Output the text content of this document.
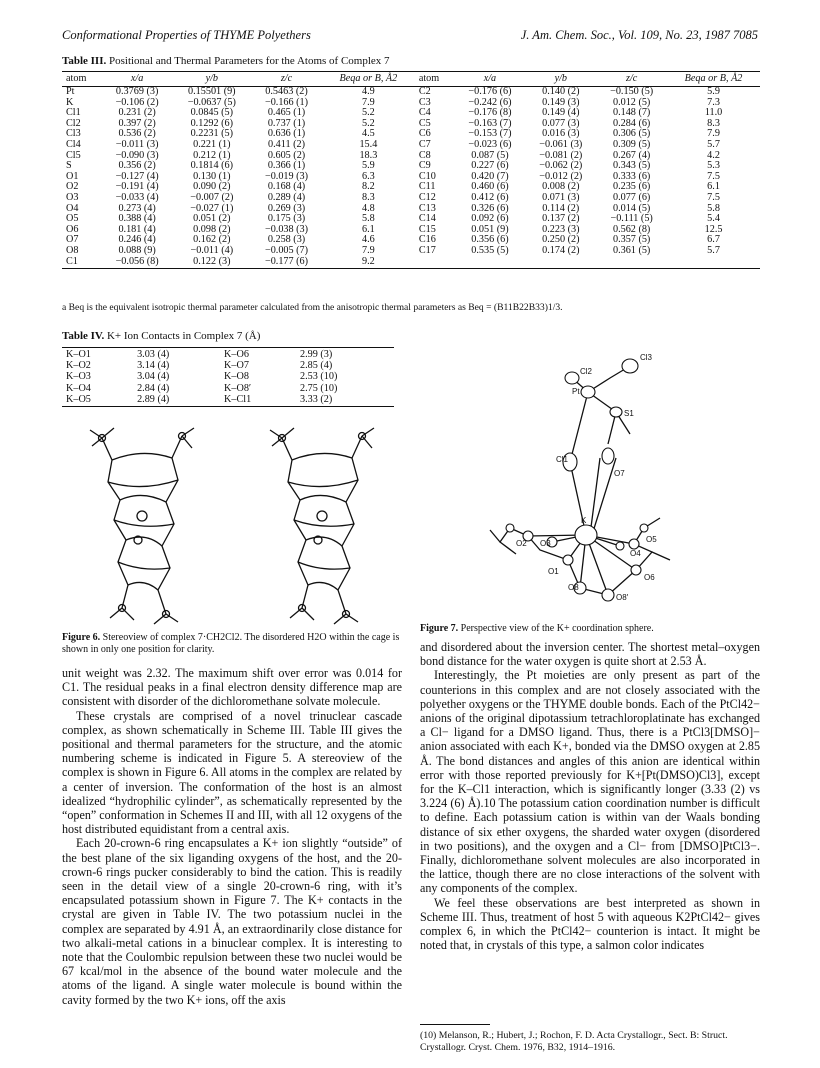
Conformational Properties of THYME Polyethers	J. Am. Chem. Soc., Vol. 109, No. 23, 1987 7085
Table III. Positional and Thermal Parameters for the Atoms of Complex 7
atom	x/a	y/b	z/c	Beqa or B, Å2	atom	x/a	y/b	z/c	Beqa or B, Å2
Pt	0.3769 (3)	0.15501 (9)	0.5463 (2)	4.9	C2	−0.176 (6)	0.140 (2)	−0.150 (5)	5.9
K	−0.106 (2)	−0.0637 (5)	−0.166 (1)	7.9	C3	−0.242 (6)	0.149 (3)	0.012 (5)	7.3
Cl1	0.231 (2)	0.0845 (5)	0.465 (1)	5.2	C4	−0.176 (8)	0.149 (4)	0.148 (7)	11.0
Cl2	0.397 (2)	0.1292 (6)	0.737 (1)	5.2	C5	−0.163 (7)	0.077 (3)	0.284 (6)	8.3
Cl3	0.536 (2)	0.2231 (5)	0.636 (1)	4.5	C6	−0.153 (7)	0.016 (3)	0.306 (5)	7.9
Cl4	−0.011 (3)	0.221 (1)	0.411 (2)	15.4	C7	−0.023 (6)	−0.061 (3)	0.309 (5)	5.7
Cl5	−0.090 (3)	0.212 (1)	0.605 (2)	18.3	C8	0.087 (5)	−0.081 (2)	0.267 (4)	4.2
S	0.356 (2)	0.1814 (6)	0.366 (1)	5.9	C9	0.227 (6)	−0.062 (2)	0.343 (5)	5.3
O1	−0.127 (4)	0.130 (1)	−0.019 (3)	6.3	C10	0.420 (7)	−0.012 (2)	0.333 (6)	7.5
O2	−0.191 (4)	0.090 (2)	0.168 (4)	8.2	C11	0.460 (6)	0.008 (2)	0.235 (6)	6.1
O3	−0.033 (4)	−0.007 (2)	0.289 (4)	8.3	C12	0.412 (6)	0.071 (3)	0.077 (6)	7.5
O4	0.273 (4)	−0.027 (1)	0.269 (3)	4.8	C13	0.326 (6)	0.114 (2)	0.014 (5)	5.8
O5	0.388 (4)	0.051 (2)	0.175 (3)	5.8	C14	0.092 (6)	0.137 (2)	−0.111 (5)	5.4
O6	0.181 (4)	0.098 (2)	−0.038 (3)	6.1	C15	0.051 (9)	0.223 (3)	0.562 (8)	12.5
O7	0.246 (4)	0.162 (2)	0.258 (3)	4.6	C16	0.356 (6)	0.250 (2)	0.357 (5)	6.7
O8	0.088 (9)	−0.011 (4)	−0.005 (7)	7.9	C17	0.535 (5)	0.174 (2)	0.361 (5)	5.7
C1	−0.056 (8)	0.122 (3)	−0.177 (6)	9.2					
a Beq is the equivalent isotropic thermal parameter calculated from the anisotropic thermal parameters as Beq = (B11B22B33)1/3.
Table IV. K+ Ion Contacts in Complex 7 (Å)
K–O1	3.03 (4)	K–O6	2.99 (3)
K–O2	3.14 (4)	K–O7	2.85 (4)
K–O3	3.04 (4)	K–O8	2.53 (10)
K–O4	2.84 (4)	K–O8′	2.75 (10)
K–O5	2.89 (4)	K–Cl1	3.33 (2)
Figure 6. Stereoview of complex 7·CH2Cl2. The disordered H2O within the cage is shown in only one position for clarity.
Cl3
Cl2
Pt
S1
Cl1
O7
K
O2 O3	O5
O4
O1
O6
O8
O8′
Figure 7. Perspective view of the K+ coordination sphere.

unit weight was 2.32. The maximum shift over error was 0.014 for C1. The residual peaks in a final electron density difference map are consistent with disorder of the dichloromethane solvate molecule.

These crystals are comprised of a novel trinuclear cascade complex, as shown schematically in Scheme III. Table III gives the positional and thermal parameters for the structure, and the atomic numbering scheme is indicated in Figure 5. A stereoview of the complex is shown in Figure 6. All atoms in the complex are related by a center of inversion. The conformation of the host is an almost idealized “hydrophilic cylinder”, as schematically represented by the “open” conformation in Schemes II and III, with all 12 oxygens of the host distributed equidistant from a central axis.

Each 20-crown-6 ring encapsulates a K+ ion slightly “outside” of the best plane of the six liganding oxygens of the host, and the 20-crown-6 rings pucker considerably to bind the cation. This is readily seen in the detail view of a single 20-crown-6 ring, with it’s encapsulated potassium shown in Figure 7. The K+ contacts in the crystal are given in Table IV. The two potassium nuclei in the complex are separated by 4.91 Å, an extraordinarily close distance for two alkali-metal cations in a binuclear complex. It is interesting to note that the Coulombic repulsion between these two nuclei would be 67 kcal/mol in the absence of the bound water molecule and the atoms of the ligand. A single water molecule is bound within the cavity formed by the two K+ ions, off the axis

and disordered about the inversion center. The shortest metal–oxygen bond distance for the water oxygen is quite short at 2.53 Å.

Interestingly, the Pt moieties are only present as part of the counterions in this complex and are not closely associated with the polyether oxygens or the THYME double bonds. Each of the PtCl42− anions of the original dipotassium tetrachloroplatinate has exchanged a Cl− ligand for a DMSO ligand. Thus, there is a PtCl3[DMSO]− anion associated with each K+, bonded via the DMSO oxygen at 2.85 Å. The bond distances and angles of this anion are identical within error with those reported previously for K+[Pt(DMSO)Cl3], except for the K–Cl1 interaction, which is significantly longer (3.33 (2) vs 3.224 (6) Å).10 The potassium cation coordination number is difficult to define. Each potassium cation is within van der Waals bonding distance of six ether oxygens, the sharded water oxygen (disordered in two positions), and the oxygen and a Cl− from [DMSO]PtCl3−. Finally, dichloromethane solvent molecules are also incorporated in the lattice, though there are no close interactions of the solvent with any components of the complex.

We feel these observations are best interpreted as shown in Scheme III. Thus, treatment of host 5 with aqueous K2PtCl42− gives complex 6, in which the PtCl42− counterion is intact. It might be noted that, in crystals of this type, a salmon color indicates

(10) Melanson, R.; Hubert, J.; Rochon, F. D. Acta Crystallogr., Sect. B: Struct. Crystallogr. Cryst. Chem. 1976, B32, 1914–1916.
